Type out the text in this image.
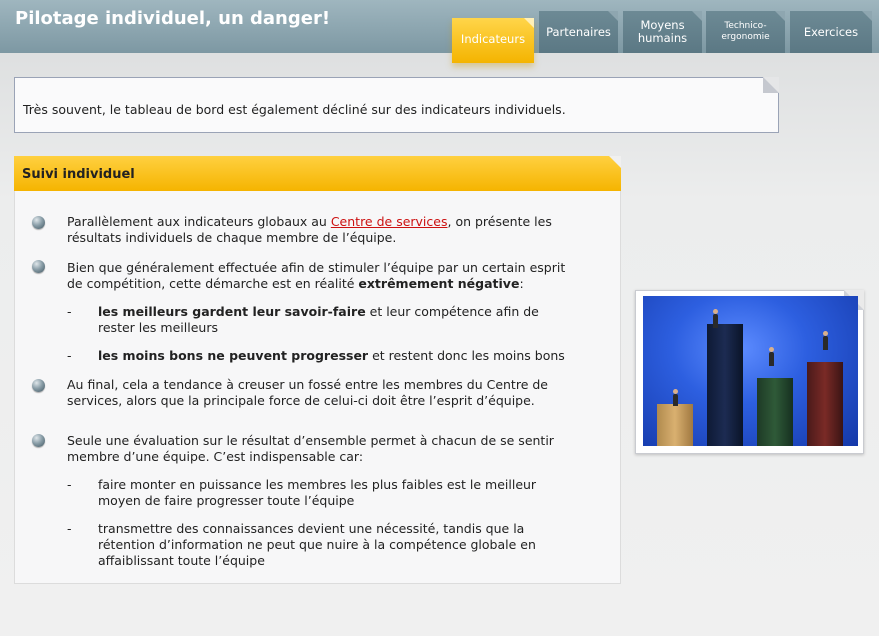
Pilotage individuel, un danger!
Indicateurs
Partenaires	Moyens
humains
Technico-
ergonomie	Exercices
Très souvent, le tableau de bord est également décliné sur des indicateurs individuels.
Suivi individuel
Parallèlement aux indicateurs globaux au Centre de services, on présente les
résultats individuels de chaque membre de l’équipe.
Bien que généralement effectuée afin de stimuler l’équipe par un certain esprit
de compétition, cette démarche est en réalité extrêmement négative:
- les meilleurs gardent leur savoir-faire et leur compétence afin de
rester les meilleurs
- les moins bons ne peuvent progresser et restent donc les moins bons
Au final, cela a tendance à creuser un fossé entre les membres du Centre de
services, alors que la principale force de celui-ci doit être l’esprit d’équipe.
Seule une évaluation sur le résultat d’ensemble permet à chacun de se sentir
membre d’une équipe. C’est indispensable car:
- faire monter en puissance les membres les plus faibles est le meilleur
moyen de faire progresser toute l’équipe
- transmettre des connaissances devient une nécessité, tandis que la
rétention d’information ne peut que nuire à la compétence globale en
affaiblissant toute l’équipe
